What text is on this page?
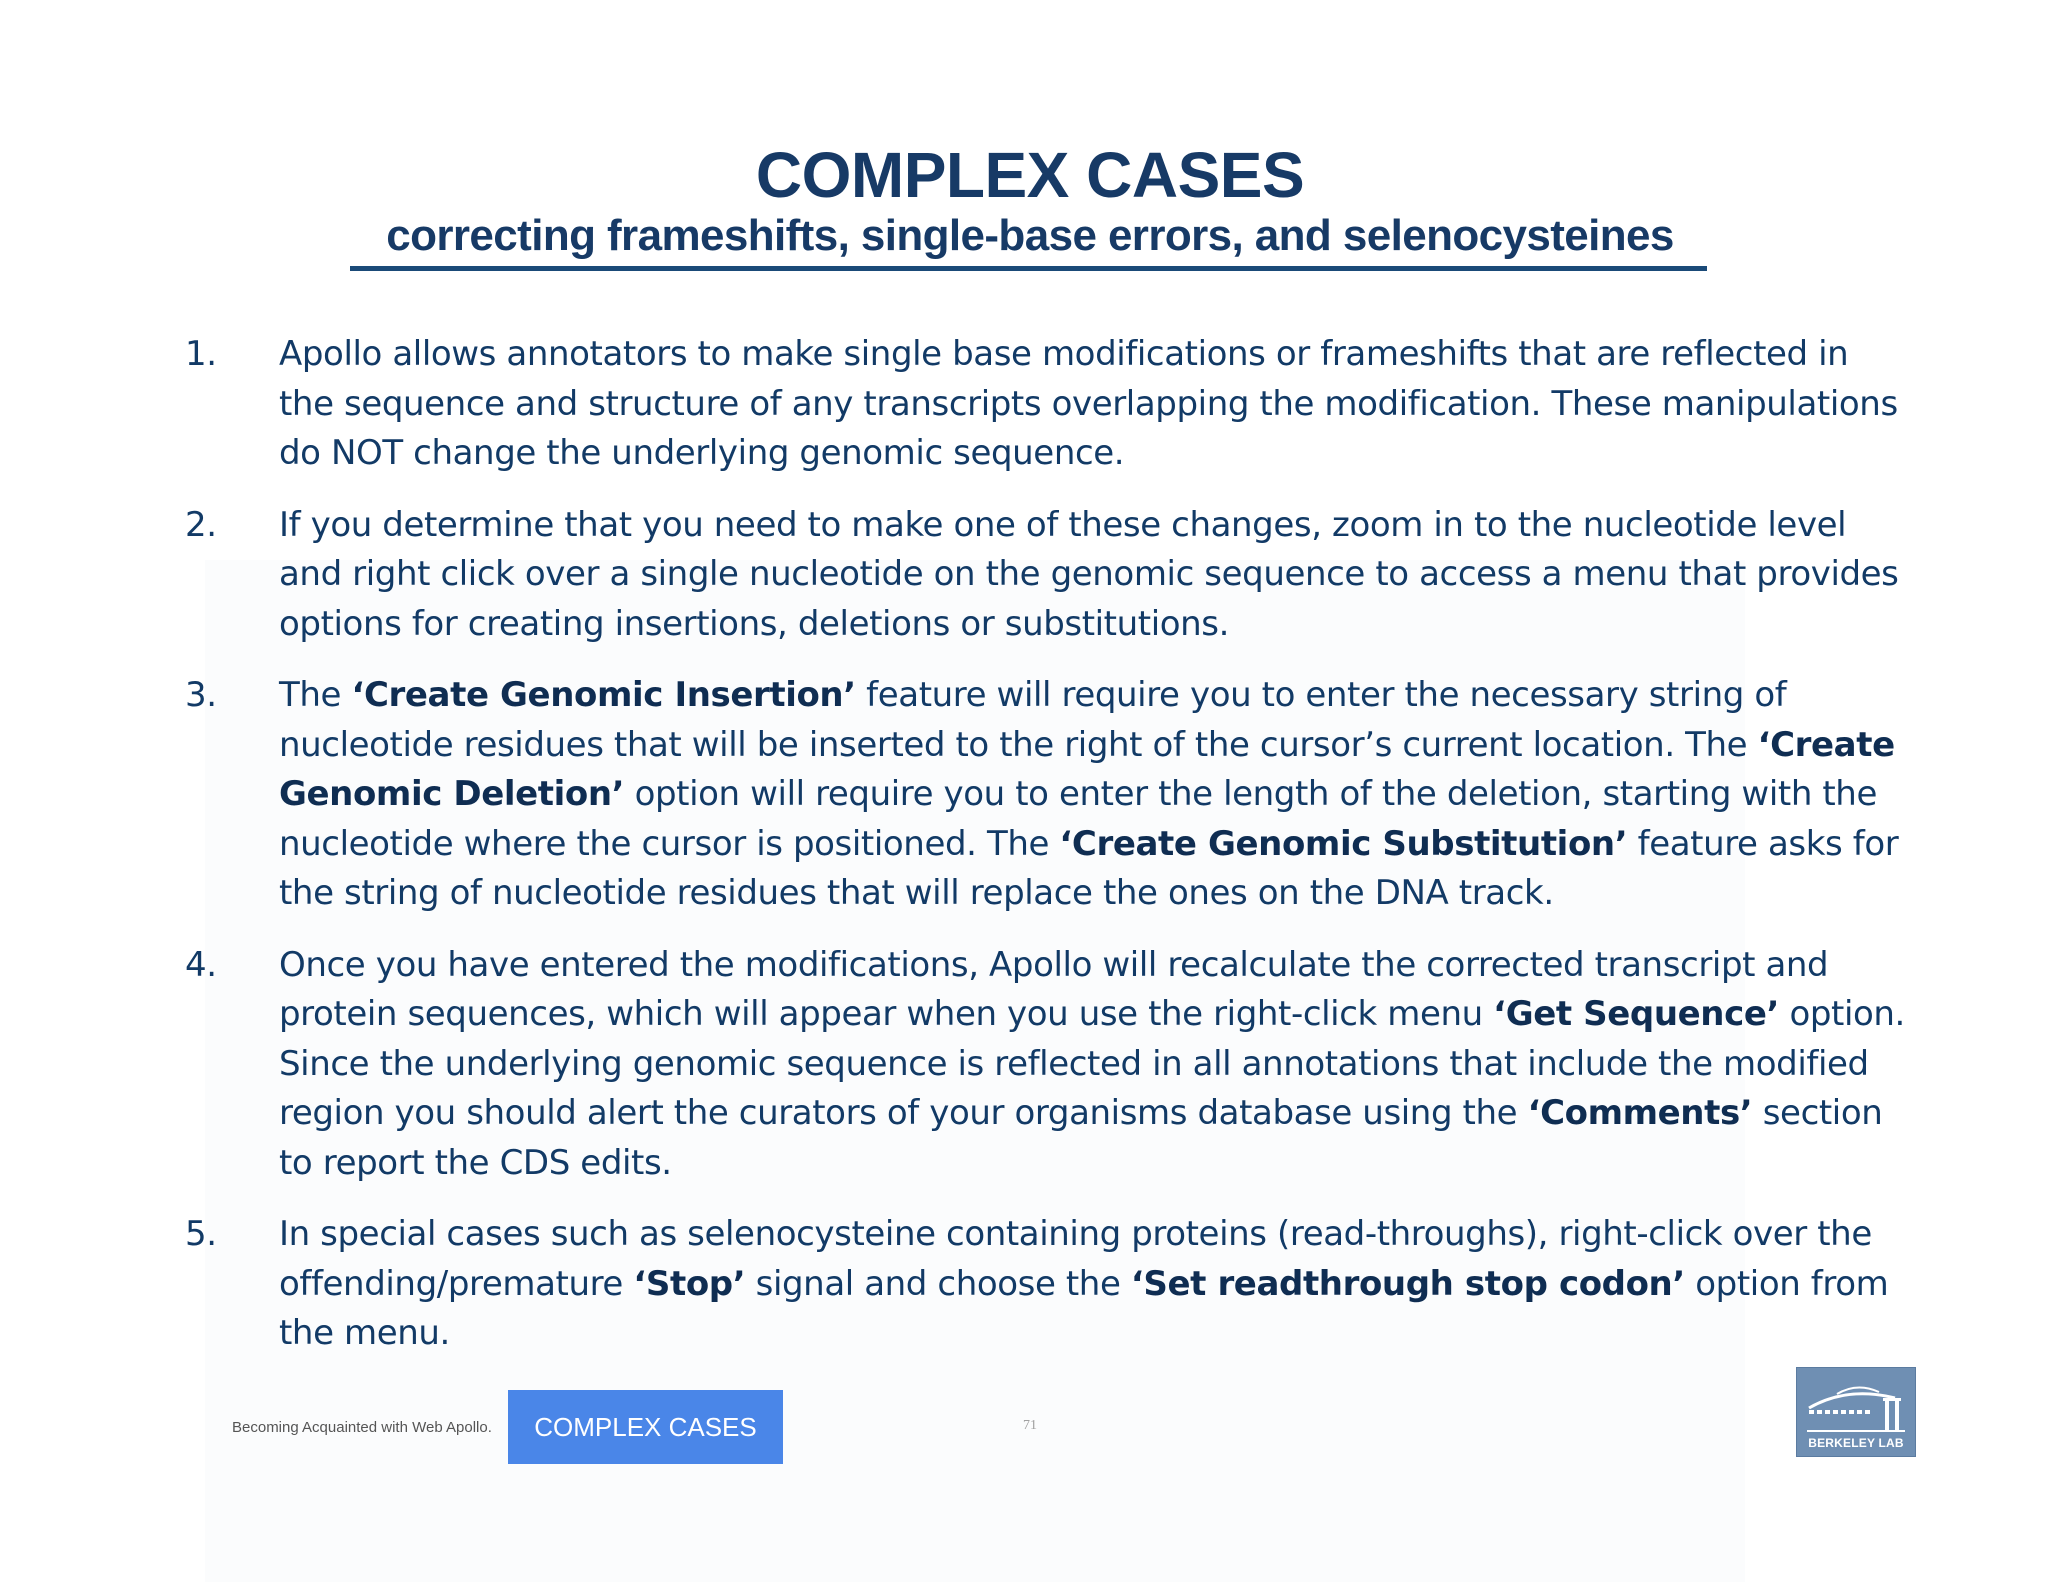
COMPLEX CASES
correcting frameshifts, single-base errors, and selenocysteines
1.	Apollo allows annotators to make single base modifications or frameshifts that are reflected in the sequence and structure of any transcripts overlapping the modification. These manipulations do NOT change the underlying genomic sequence.
2.	If you determine that you need to make one of these changes, zoom in to the nucleotide level and right click over a single nucleotide on the genomic sequence to access a menu that provides options for creating insertions, deletions or substitutions.
3.	The ‘Create Genomic Insertion’ feature will require you to enter the necessary string of nucleotide residues that will be inserted to the right of the cursor’s current location. The ‘Create Genomic Deletion’ option will require you to enter the length of the deletion, starting with the nucleotide where the cursor is positioned. The ‘Create Genomic Substitution’ feature asks for the string of nucleotide residues that will replace the ones on the DNA track.
4.	Once you have entered the modifications, Apollo will recalculate the corrected transcript and protein sequences, which will appear when you use the right-click menu ‘Get Sequence’ option. Since the underlying genomic sequence is reflected in all annotations that include the modified region you should alert the curators of your organisms database using the ‘Comments’ section to report the CDS edits.
5.	In special cases such as selenocysteine containing proteins (read-throughs), right-click over the offending/premature ‘Stop’ signal and choose the ‘Set readthrough stop codon’ option from the menu.
Becoming Acquainted with Web Apollo.	COMPLEX CASES	71
BERKELEY LAB
